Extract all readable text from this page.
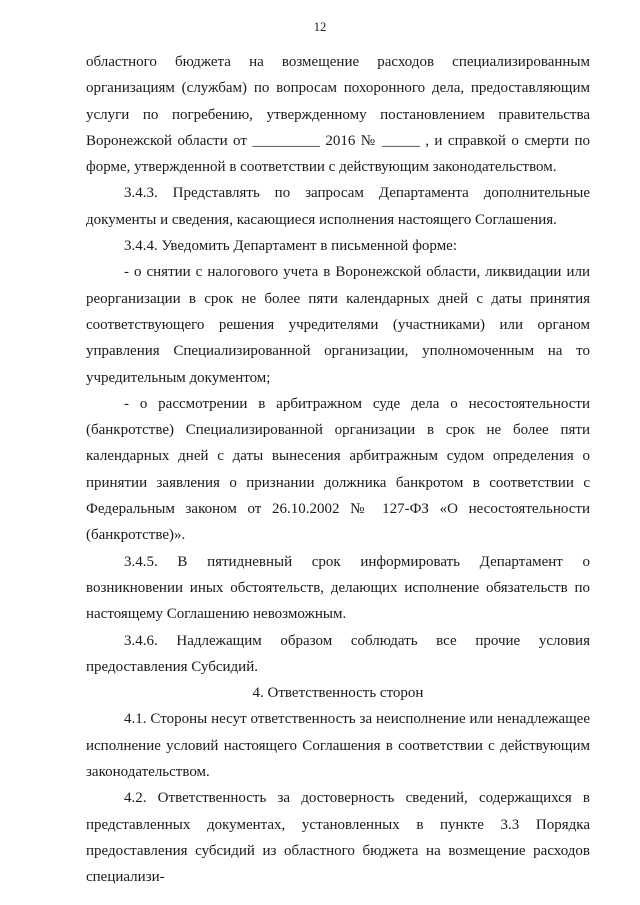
12

областного бюджета на возмещение расходов специализированным организациям (службам) по вопросам похоронного дела, предоставляющим услуги по погребению, утвержденному постановлением правительства Воронежской области от _________ 2016 № _____ , и справкой о смерти по форме, утвержденной в соответствии с действующим законодательством.

3.4.3. Представлять по запросам Департамента дополнительные документы и сведения, касающиеся исполнения настоящего Соглашения.

3.4.4. Уведомить Департамент в письменной форме:

- о снятии с налогового учета в Воронежской области, ликвидации или реорганизации в срок не более пяти календарных дней с даты принятия соответствующего решения учредителями (участниками) или органом управления Специализированной организации, уполномоченным на то учредительным документом;

- о рассмотрении в арбитражном суде дела о несостоятельности (банкротстве) Специализированной организации в срок не более пяти календарных дней с даты вынесения арбитражным судом определения о принятии заявления о признании должника банкротом в соответствии с Федеральным законом от 26.10.2002 № 127-ФЗ «О несостоятельности (банкротстве)».

3.4.5. В пятидневный срок информировать Департамент о возникновении иных обстоятельств, делающих исполнение обязательств по настоящему Соглашению невозможным.

3.4.6. Надлежащим образом соблюдать все прочие условия предоставления Субсидий.

4. Ответственность сторон

4.1. Стороны несут ответственность за неисполнение или ненадлежащее исполнение условий настоящего Соглашения в соответствии с действующим законодательством.

4.2. Ответственность за достоверность сведений, содержащихся в представленных документах, установленных в пункте 3.3 Порядка предоставления субсидий из областного бюджета на возмещение расходов специализи-
